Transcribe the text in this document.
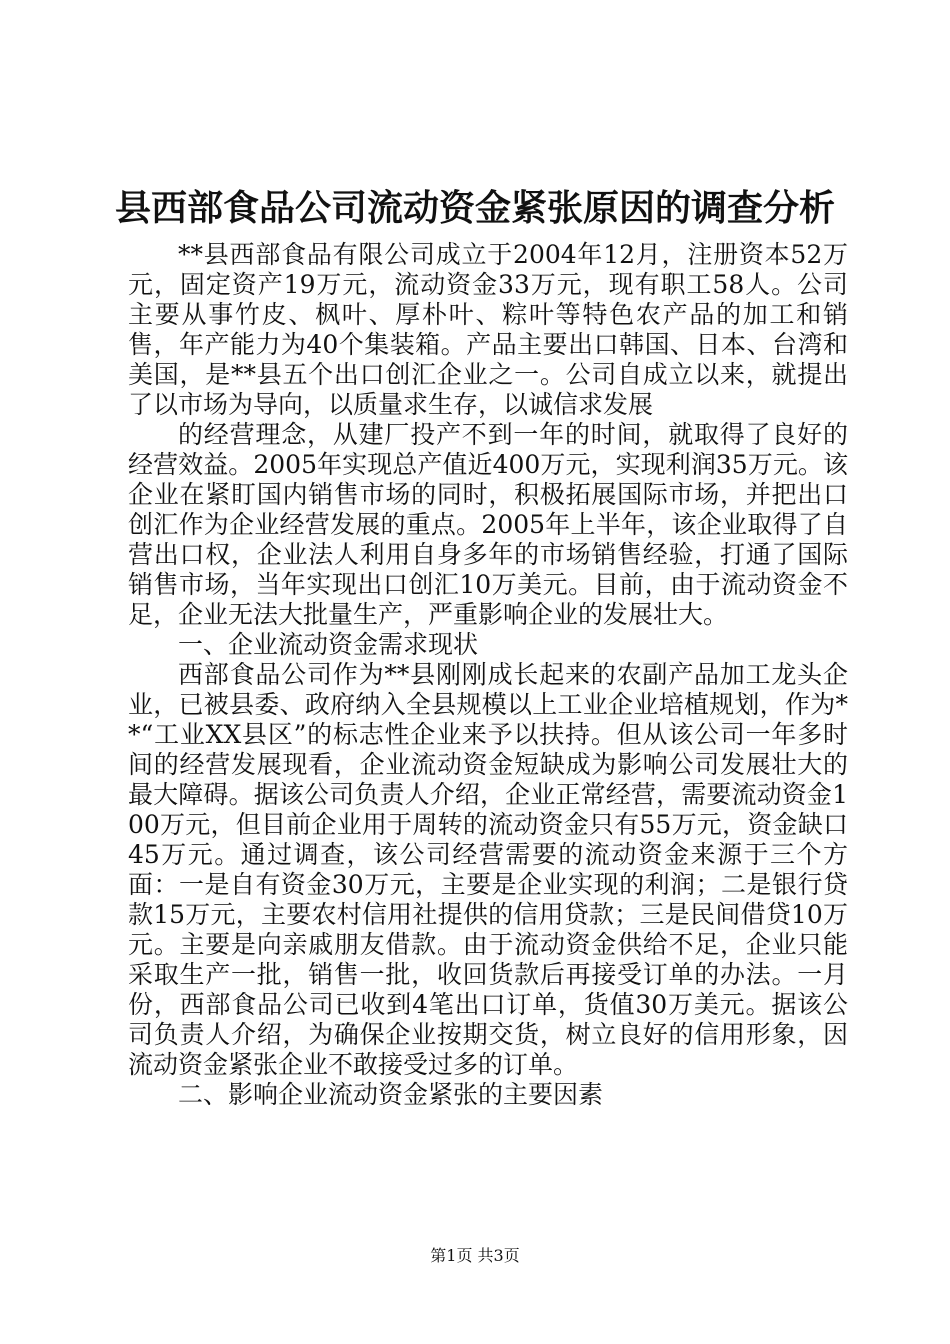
县西部食品公司流动资金紧张原因的调查分析

**县西部食品有限公司成立于2004年12月，注册资本52万元，固定资产19万元，流动资金33万元，现有职工58人。公司主要从事竹皮、枫叶、厚朴叶、粽叶等特色农产品的加工和销售，年产能力为40个集装箱。产品主要出口韩国、日本、台湾和美国，是**县五个出口创汇企业之一。公司自成立以来，就提出了以市场为导向，以质量求生存，以诚信求发展

的经营理念，从建厂投产不到一年的时间，就取得了良好的经营效益。2005年实现总产值近400万元，实现利润35万元。该企业在紧盯国内销售市场的同时，积极拓展国际市场，并把出口创汇作为企业经营发展的重点。2005年上半年，该企业取得了自营出口权，企业法人利用自身多年的市场销售经验，打通了国际销售市场，当年实现出口创汇10万美元。目前，由于流动资金不足，企业无法大批量生产，严重影响企业的发展壮大。

一、企业流动资金需求现状

西部食品公司作为**县刚刚成长起来的农副产品加工龙头企业，已被县委、政府纳入全县规模以上工业企业培植规划，作为**“工业XX县区”的标志性企业来予以扶持。但从该公司一年多时间的经营发展现看，企业流动资金短缺成为影响公司发展壮大的最大障碍。据该公司负责人介绍，企业正常经营，需要流动资金100万元，但目前企业用于周转的流动资金只有55万元，资金缺口45万元。通过调查，该公司经营需要的流动资金来源于三个方面：一是自有资金30万元，主要是企业实现的利润；二是银行贷款15万元，主要农村信用社提供的信用贷款；三是民间借贷10万元。主要是向亲戚朋友借款。由于流动资金供给不足，企业只能采取生产一批，销售一批，收回货款后再接受订单的办法。一月份，西部食品公司已收到4笔出口订单，货值30万美元。据该公司负责人介绍，为确保企业按期交货，树立良好的信用形象，因流动资金紧张企业不敢接受过多的订单。

二、影响企业流动资金紧张的主要因素

第1页 共3页
